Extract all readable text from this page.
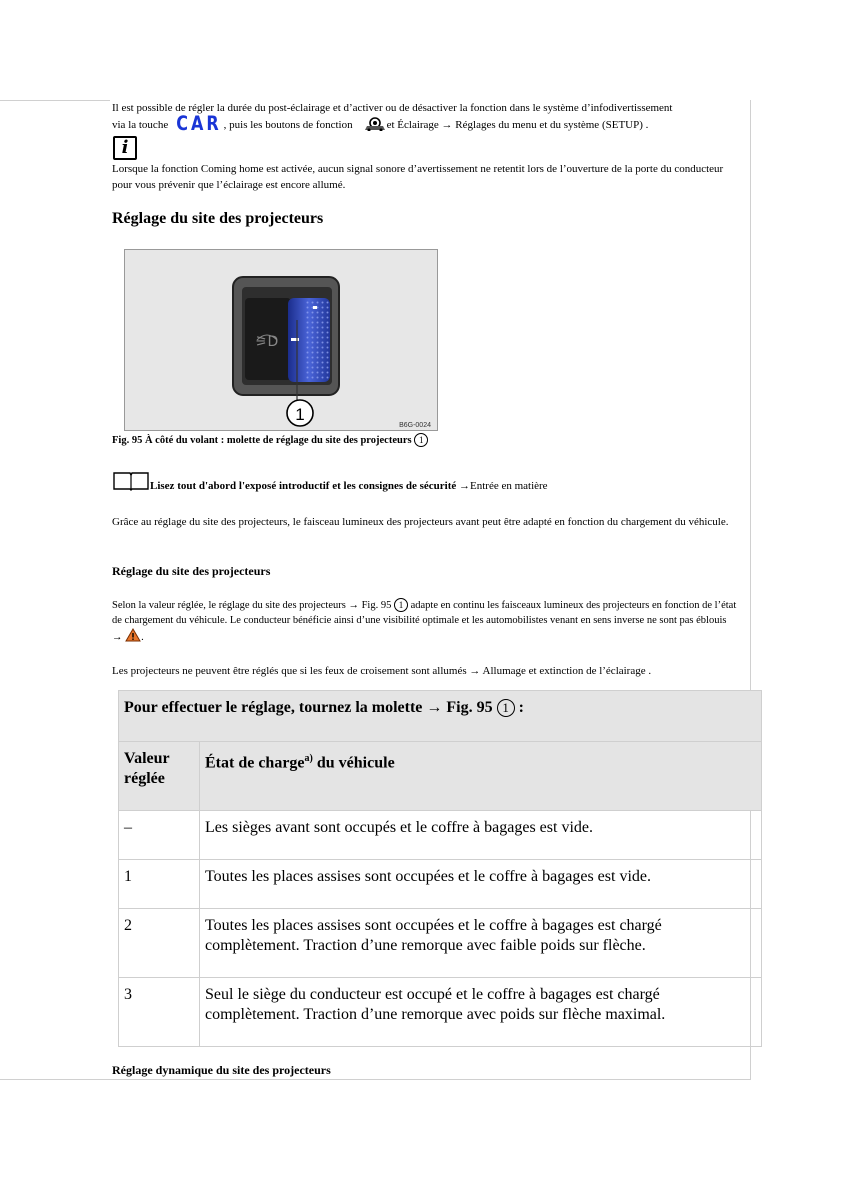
Il est possible de régler la durée du post-éclairage et d’activer ou de désactiver la fonction dans le système d’infodivertissement
via la touche CAR , puis les boutons de fonction	et Éclairage → Réglages du menu et du système (SETUP) .
i
Lorsque la fonction Coming home est activée, aucun signal sonore d’avertissement ne retentit lors de l’ouverture de la porte du conducteur pour vous prévenir que l’éclairage est encore allumé.
Réglage du site des projecteurs
⚞D
1
B6G-0024
Fig. 95 À côté du volant : molette de réglage du site des projecteurs 1
Lisez tout d'abord l'exposé introductif et les consignes de sécurité →Entrée en matière
Grâce au réglage du site des projecteurs, le faisceau lumineux des projecteurs avant peut être adapté en fonction du chargement du véhicule.
Réglage du site des projecteurs
Selon la valeur réglée, le réglage du site des projecteurs → Fig. 95 1 adapte en continu les faisceaux lumineux des projecteurs en fonction de l’état de chargement du véhicule. Le conducteur bénéficie ainsi d’une visibilité optimale et les automobilistes venant en sens inverse ne sont pas éblouis → .
Les projecteurs ne peuvent être réglés que si les feux de croisement sont allumés → Allumage et extinction de l’éclairage .
Pour effectuer le réglage, tournez la molette → Fig. 95 1 :	
Valeur réglée	État de charge$^{a)}$ du véhicule
–	Les sièges avant sont occupés et le coffre à bagages est vide.
1	Toutes les places assises sont occupées et le coffre à bagages est vide.
2	Toutes les places assises sont occupées et le coffre à bagages est chargé complètement. Traction d’une remorque avec faible poids sur flèche.
3	Seul le siège du conducteur est occupé et le coffre à bagages est chargé complètement. Traction d’une remorque avec poids sur flèche maximal.
Réglage dynamique du site des projecteurs
